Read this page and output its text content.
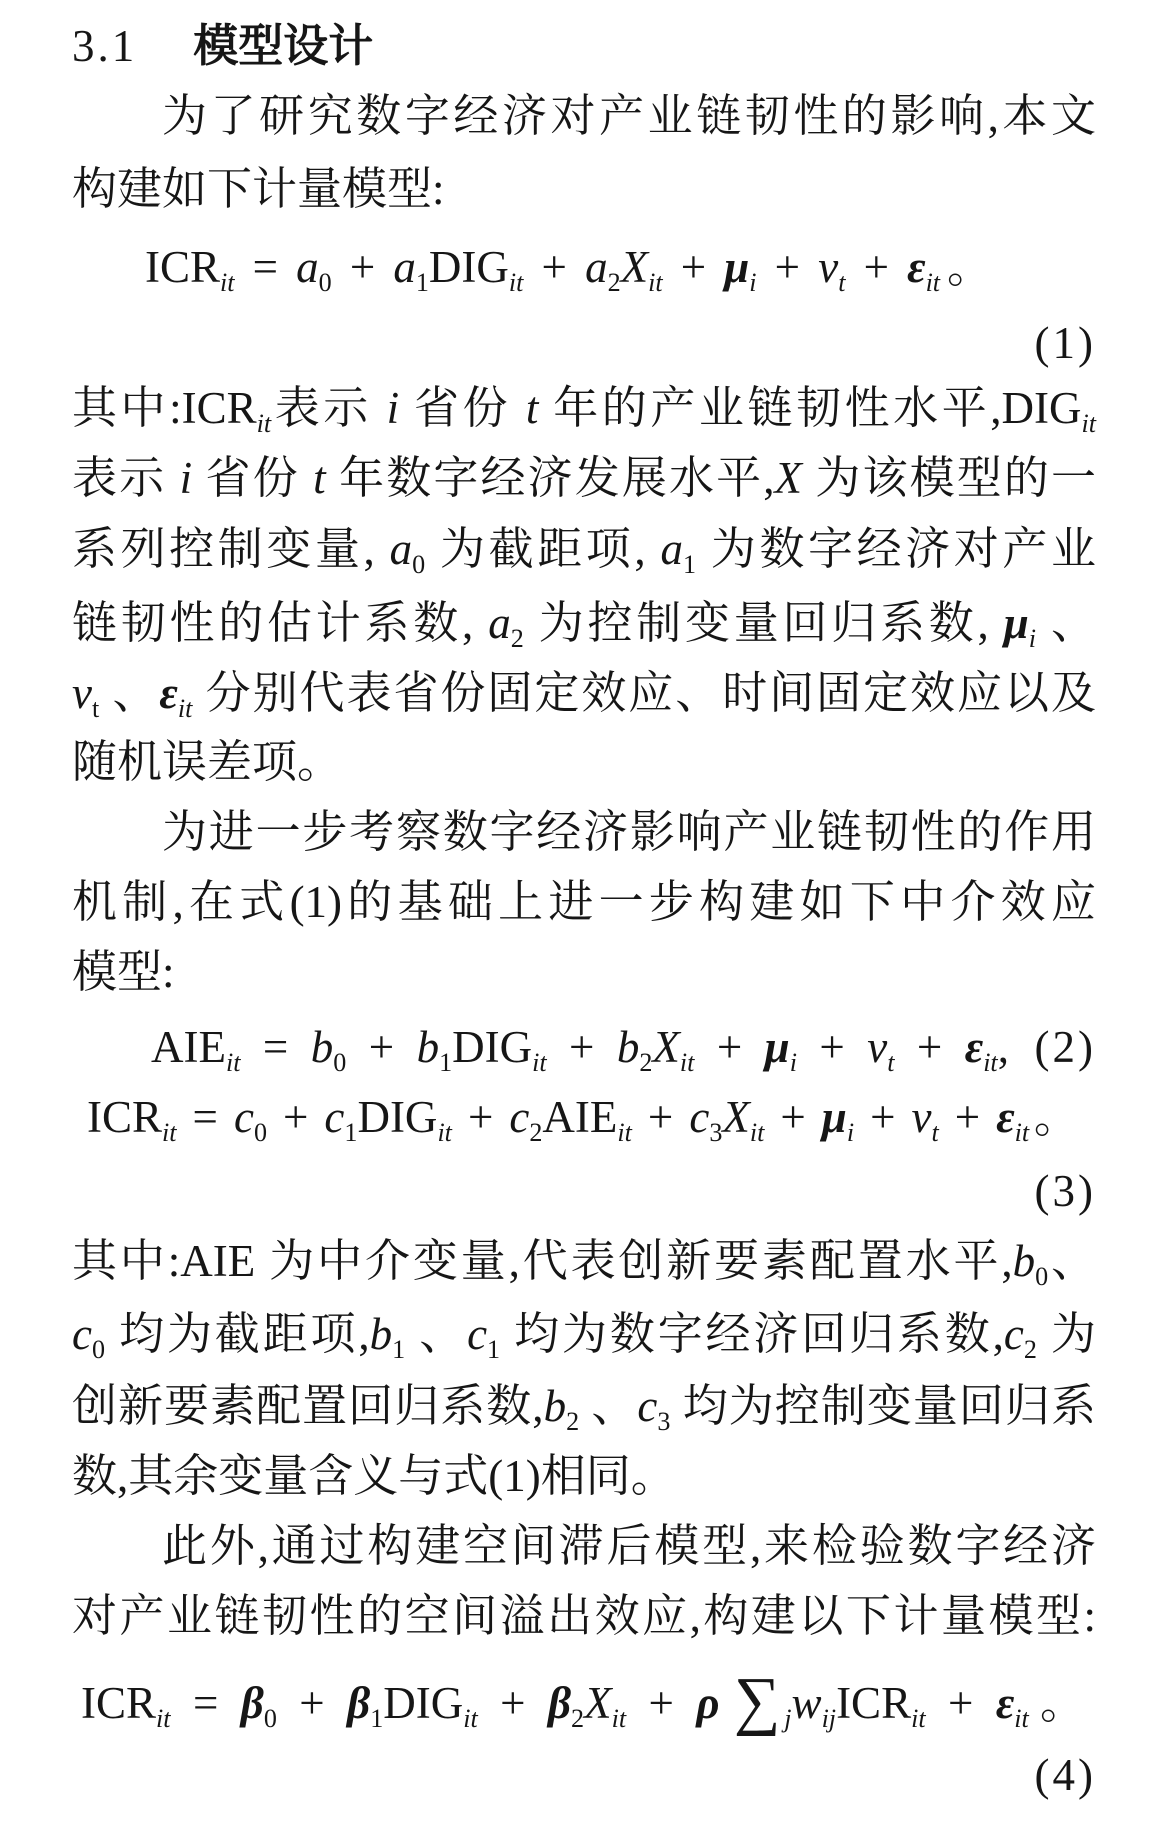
3.1 模型设计
为了研究数字经济对产业链韧性的影响,本文
构建如下计量模型:
$ICR_{it} = a_0 + a_1DIG_{it} + a_2X_{it} + \mu_i + v_t + \varepsilon_{it}$。
(1)
其中$:ICR_{it}$表示 i 省份 t 年的产业链韧性水平$,DIG_{it}$
表示 i 省份 t 年数字经济发展水平,X 为该模型的一
系列控制变量, $a_0$ 为截距项, $a_1$ 为数字经济对产业
链韧性的估计系数, $a_2$ 为控制变量回归系数, $\mu_i$ 、
$v_t$ 、$\varepsilon_{it}$ 分别代表省份固定效应、时间固定效应以及
随机误差项。
为进一步考察数字经济影响产业链韧性的作用
机制,在式(1)的基础上进一步构建如下中介效应
模型:
$AIE_{it} = b_0 + b_1DIG_{it} + b_2X_{it} + \mu_i + v_t + \varepsilon_{it}$, (2)
$ICR_{it} = c_0 + c_1DIG_{it} + c_2AIE_{it} + c_3X_{it} + \mu_i + v_t + \varepsilon_{it}$。
(3)
其中:AIE 为中介变量,代表创新要素配置水平$,b_0$、
$c_0$ 均为截距项$,b_1$ 、$c_1$ 均为数字经济回归系数$,c_2$ 为
创新要素配置回归系数$,b_2$ 、$c_3$ 均为控制变量回归系
数,其余变量含义与式(1)相同。
此外,通过构建空间滞后模型,来检验数字经济
对产业链韧性的空间溢出效应,构建以下计量模型:
$ICR_{it} = \beta_0 + \beta_1DIG_{it} + \beta_2X_{it} + \rho$ ∑ $_jw_{ij}ICR_{it} + \varepsilon_{it}$。
(4)
